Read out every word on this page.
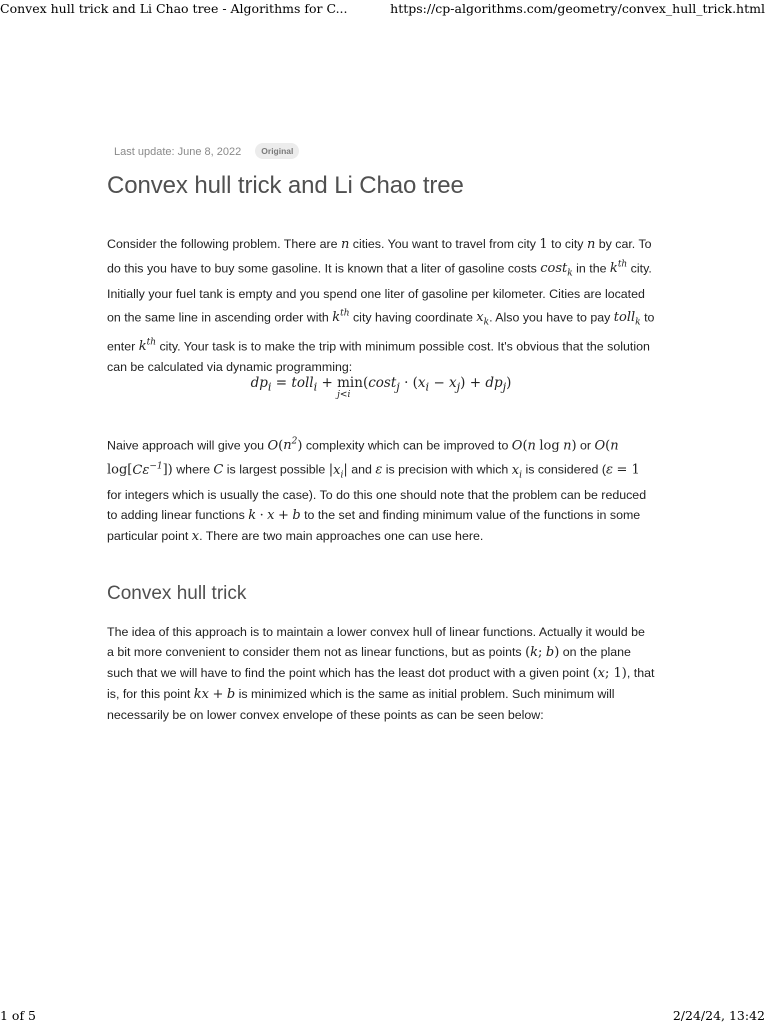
Convex hull trick and Li Chao tree - Algorithms for C...	https://cp-algorithms.com/geometry/convex_hull_trick.html
Last update: June 8, 2022 Original
Convex hull trick and Li Chao tree

Consider the following problem. There are n cities. You want to travel from city 1 to city n by car. To do this you have to buy some gasoline. It is known that a liter of gasoline costs cost$_k$ in the $k^{th}$ city. Initially your fuel tank is empty and you spend one liter of gasoline per kilometer. Cities are located on the same line in ascending order with $k^{th}$ city having coordinate $x_k$. Also you have to pay toll$_k$ to enter $k^{th}$ city. Your task is to make the trip with minimum possible cost. It's obvious that the solution can be calculated via dynamic programming:

$dp_i$ = toll$_i$ + min
j<i
$(\cos t_j \cdot (x_i - x_j) + dp_j)$

Naive approach will give you $O(n^2)$ complexity which can be improved to O(n log n) or O(n $\log[C\varepsilon^{-1}]$) where C is largest possible $|x_i|$ and ε is precision with which $x_i$ is considered (ε = 1 for integers which is usually the case). To do this one should note that the problem can be reduced to adding linear functions k · x + b to the set and finding minimum value of the functions in some particular point x. There are two main approaches one can use here.

Convex hull trick

The idea of this approach is to maintain a lower convex hull of linear functions. Actually it would be a bit more convenient to consider them not as linear functions, but as points (k; b) on the plane such that we will have to find the point which has the least dot product with a given point (x; 1), that is, for this point kx + b is minimized which is the same as initial problem. Such minimum will necessarily be on lower convex envelope of these points as can be seen below:

1 of 5	2/24/24, 13:42
